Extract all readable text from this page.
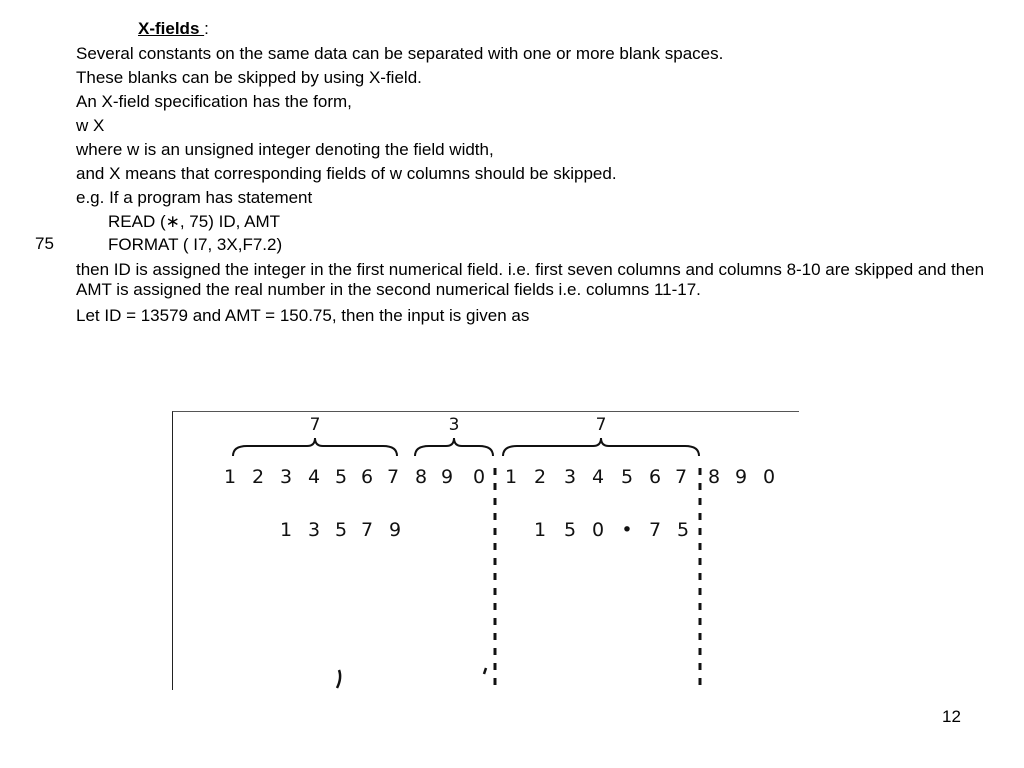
X-fields :
Several constants on the same data can be separated with one or more blank spaces.
These blanks can be skipped by using X-field.
An X-field specification has the form,
w X
where w is an unsigned integer denoting the field width,
and X means that corresponding fields of w columns should be skipped.
e.g. If a program has statement
READ (∗, 75) ID, AMT
75	FORMAT ( I7, 3X,F7.2)
then ID is assigned the integer in the first numerical field. i.e. first seven columns and columns 8-10 are skipped and then AMT is assigned the real number in the second numerical fields i.e. columns 11-17.
Let ID = 13579 and AMT = 150.75, then the input is given as
1 2 3 4 5 6 7 8 9 0 1 2 3 4 5 6 7 8 9 0
7	3	7
1 3 5 7 9	1 5 0 • 7 5
12
